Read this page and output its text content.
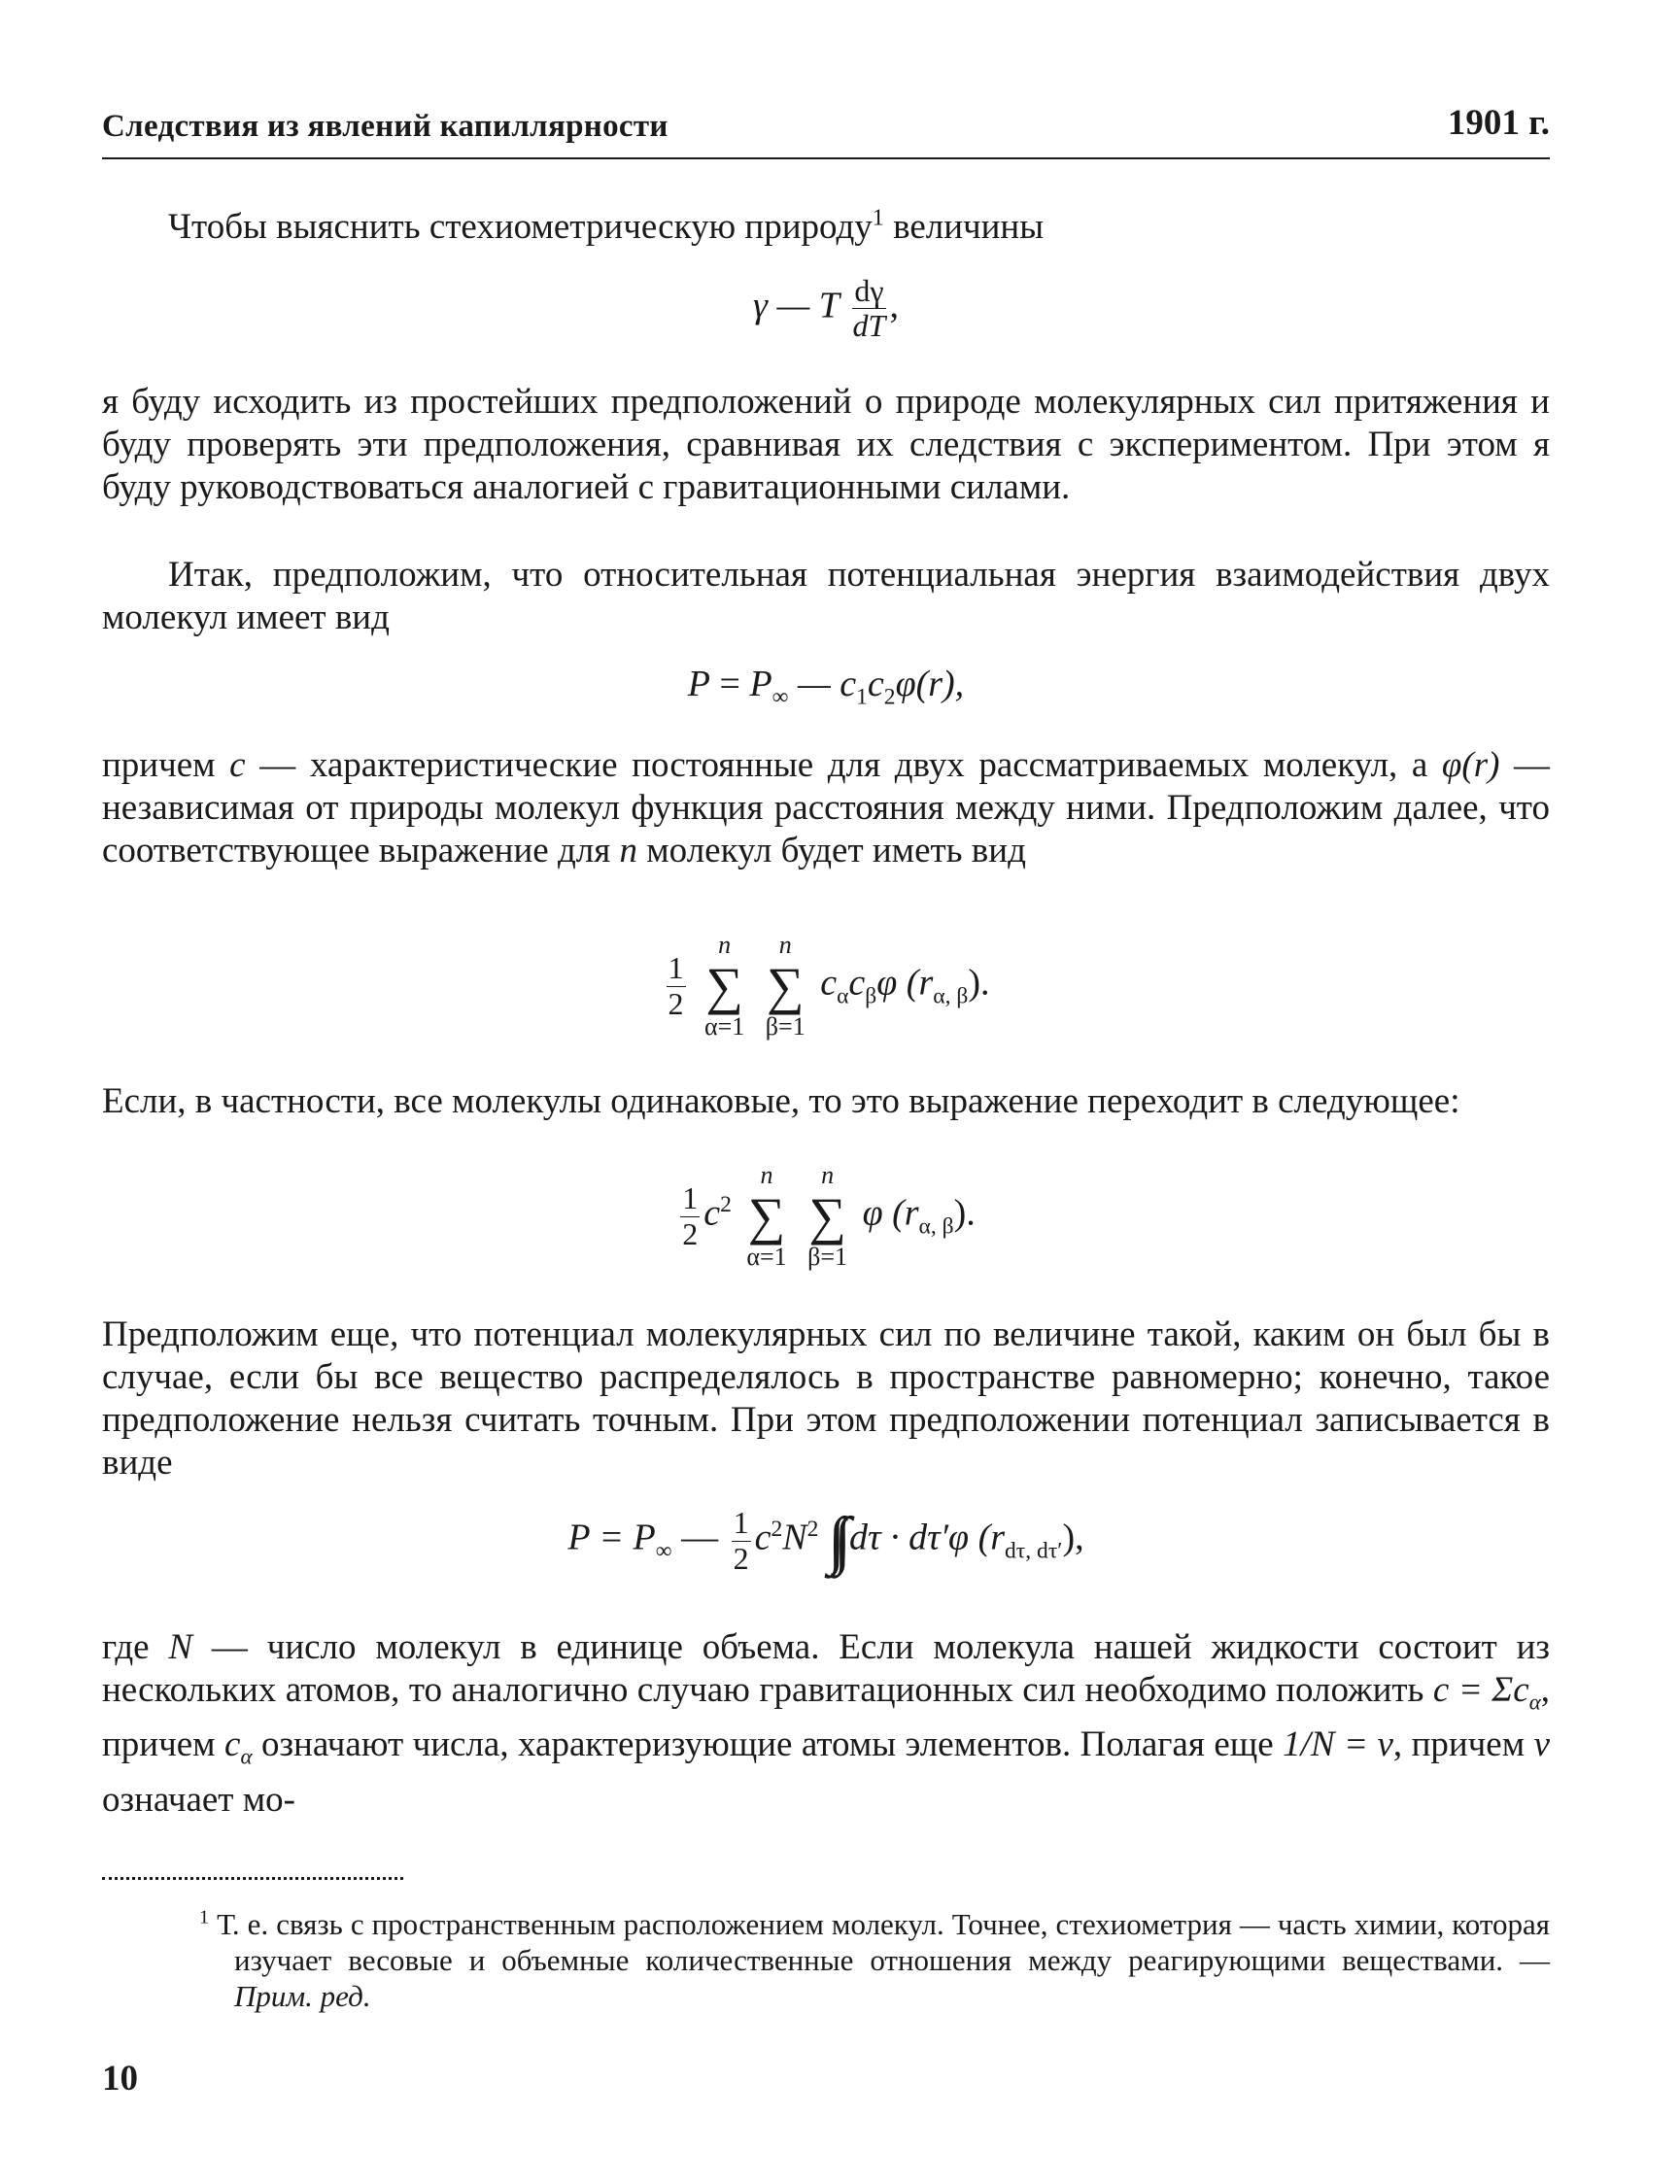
Следствия из явлений капиллярности	1901 г.
Чтобы выяснить стехиометрическую природу$^1$ величины
γ — T $\frac{d\gamma}{dT}$ ,
я буду исходить из простейших предположений о природе молекулярных сил притяжения и буду проверять эти предположения, сравнивая их следствия с экспериментом. При этом я буду руководствоваться аналогией с гравитационными силами.
Итак, предположим, что относительная потенциальная энергия взаимодействия двух молекул имеет вид
$P = P_\infty$ — $c_1c_2\varphi(r)$,
причем c — характеристические постоянные для двух рассматриваемых молекул, а φ(r) — независимая от природы молекул функция расстояния между ними. Предположим далее, что соответствующее выражение для n молекул будет иметь вид
$\frac{1}{2}$

n
∑
α=1

n
∑
β=1
$c_\alpha c_\beta\varphi$ $(r_{\alpha, \beta})$.
Если, в частности, все молекулы одинаковые, то это выражение переходит в следующее:
$\frac{1}{2} c^2$
n
∑
α=1

n
∑
β=1
φ $(r_{\alpha, \beta})$.
Предположим еще, что потенциал молекулярных сил по величине такой, каким он был бы в случае, если бы все вещество распределялось в пространстве равномерно; конечно, такое предположение нельзя считать точным. При этом предположении потенциал записывается в виде
$P = P_\infty$ — $\frac{1}{2} c^2N^2$ ∫∫ dτ · dτ′φ $(r_{d\tau, d\tau'})$,
где N — число молекул в единице объема. Если молекула нашей жидкости состоит из нескольких атомов, то аналогично случаю гравитационных сил необходимо положить $c = \Sigma c_\alpha$, причем $c_\alpha$ означают числа, характеризующие атомы элементов. Полагая еще 1/N = v, причем v означает мо-
$^1$ Т. е. связь с пространственным расположением молекул. Точнее, стехиометрия — часть химии, которая изучает весовые и объемные количественные отношения между реагирующими веществами. — Прим. ред.
10
